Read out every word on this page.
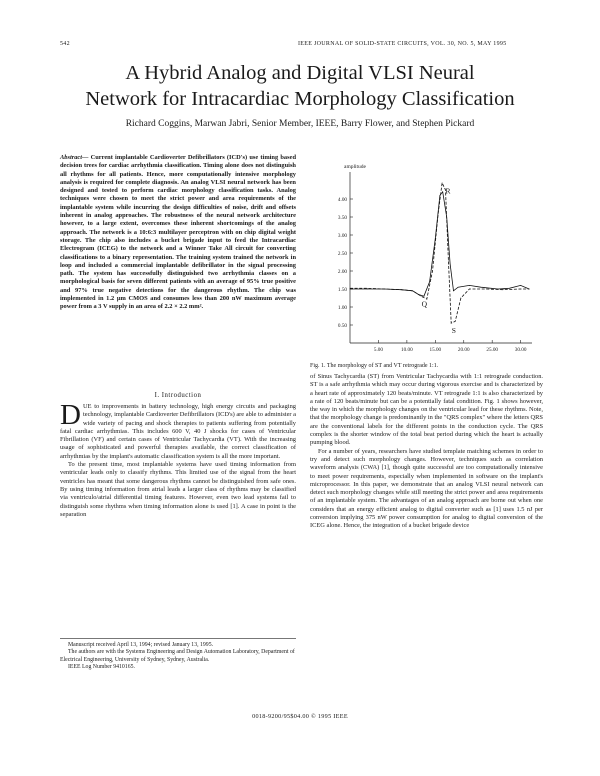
542	IEEE JOURNAL OF SOLID-STATE CIRCUITS, VOL. 30, NO. 5, MAY 1995
A Hybrid Analog and Digital VLSI Neural
Network for Intracardiac Morphology Classification
Richard Coggins, Marwan Jabri, Senior Member, IEEE, Barry Flower, and Stephen Pickard
Abstract— Current implantable Cardioverter Defibrillators (ICD's) use timing based decision trees for cardiac arrhythmia classification. Timing alone does not distinguish all rhythms for all patients. Hence, more computationally intensive morphology analysis is required for complete diagnosis. An analog VLSI neural network has been designed and tested to perform cardiac morphology classification tasks. Analog techniques were chosen to meet the strict power and area requirements of the implantable system while incurring the design difficulties of noise, drift and offsets inherent in analog approaches. The robustness of the neural network architecture however, to a large extent, overcomes these inherent shortcomings of the analog approach. The network is a 10:6:3 multilayer perceptron with on chip digital weight storage. The chip also includes a bucket brigade input to feed the Intracardiac Electrogram (ICEG) to the network and a Winner Take All circuit for converting classifications to a binary representation. The training system trained the network in loop and included a commercial implantable defibrillator in the signal processing path. The system has successfully distinguished two arrhythmia classes on a morphological basis for seven different patients with an average of 95% true positive and 97% true negative detections for the dangerous rhythm. The chip was implemented in 1.2 μm CMOS and consumes less than 200 nW maximum average power from a 3 V supply in an area of 2.2 × 2.2 mm².
I. Introduction

DUE to improvements in battery technology, high energy circuits and packaging technology, implantable Cardioverter Defibrillators (ICD's) are able to administer a wide variety of pacing and shock therapies to patients suffering from potentially fatal cardiac arrhythmias. This includes 600 V, 40 J shocks for cases of Ventricular Fibrillation (VF) and certain cases of Ventricular Tachycardia (VT). With the increasing usage of sophisticated and powerful therapies available, the correct classification of arrhythmias by the implant's automatic classification system is all the more important.

To the present time, most implantable systems have used timing information from ventricular leads only to classify rhythms. This limited use of the signal from the heart ventricles has meant that some dangerous rhythms cannot be distinguished from safe ones. By using timing information from atrial leads a larger class of rhythms may be classified via ventriculo/atrial differential timing features. However, even two lead systems fail to distinguish some rhythms when timing information alone is used [1]. A case in point is the separation

Manuscript received April 13, 1994; revised January 13, 1995.

The authors are with the Systems Engineering and Design Automation Laboratory, Department of Electrical Engineering, University of Sydney, Sydney, Australia.

IEEE Log Number 9410165.

amplitude
0.50
1.00
1.50
2.00
2.50
3.00
3.50
4.00
5.00	10.00	15.00	20.00	25.00	30.00
R
Q
S
Fig. 1. The morphology of ST and VT retrograde 1:1.

of Sinus Tachycardia (ST) from Ventricular Tachycardia with 1:1 retrograde conduction. ST is a safe arrhythmia which may occur during vigorous exercise and is characterized by a heart rate of approximately 120 beats/minute. VT retrograde 1:1 is also characterized by a rate of 120 beats/minute but can be a potentially fatal condition. Fig. 1 shows however, the way in which the morphology changes on the ventricular lead for these rhythms. Note, that the morphology change is predominantly in the "QRS complex" where the letters QRS are the conventional labels for the different points in the conduction cycle. The QRS complex is the shorter window of the total beat period during which the heart is actually pumping blood.

For a number of years, researchers have studied template matching schemes in order to try and detect such morphology changes. However, techniques such as correlation waveform analysis (CWA) [1], though quite successful are too computationally intensive to meet power requirements, especially when implemented in software on the implant's microprocessor. In this paper, we demonstrate that an analog VLSI neural network can detect such morphology changes while still meeting the strict power and area requirements of an implantable system. The advantages of an analog approach are borne out when one considers that an energy efficient analog to digital converter such as [1] uses 1.5 nJ per conversion implying 375 nW power consumption for analog to digital conversion of the ICEG alone. Hence, the integration of a bucket brigade device

0018-9200/95$04.00 © 1995 IEEE
